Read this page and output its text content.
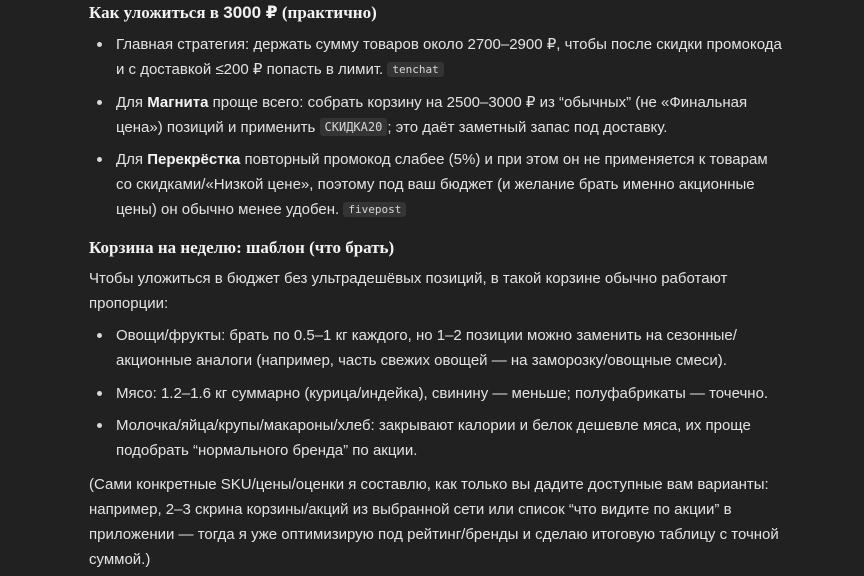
Как уложиться в 3000 ₽ (практично)
Главная стратегия: держать сумму товаров около 2700–2900 ₽, чтобы после скидки промокода и с доставкой ≤200 ₽ попасть в лимит. tenchat
Для Магнита проще всего: собрать корзину на 2500–3000 ₽ из “обычных” (не «Финальная цена») позиций и применить СКИДКА20 ; это даёт заметный запас под доставку.
Для Перекрёстка повторный промокод слабее (5%) и при этом он не применяется к товарам со скидками/«Низкой цене», поэтому под ваш бюджет (и желание брать именно акционные цены) он обычно менее удобен. fivepost
Корзина на неделю: шаблон (что брать)
Чтобы уложиться в бюджет без ультрадешёвых позиций, в такой корзине обычно работают пропорции:
Овощи/фрукты: брать по 0.5–1 кг каждого, но 1–2 позиции можно заменить на сезонные/акционные аналоги (например, часть свежих овощей — на заморозку/овощные смеси).
Мясо: 1.2–1.6 кг суммарно (курица/индейка), свинину — меньше; полуфабрикаты — точечно.
Молочка/яйца/крупы/макароны/хлеб: закрывают калории и белок дешевле мяса, их проще подобрать “нормального бренда” по акции.
(Сами конкретные SKU/цены/оценки я составлю, как только вы дадите доступные вам варианты: например, 2–3 скрина корзины/акций из выбранной сети или список “что видите по акции” в приложении — тогда я уже оптимизирую под рейтинг/бренды и сделаю итоговую таблицу с точной суммой.)
